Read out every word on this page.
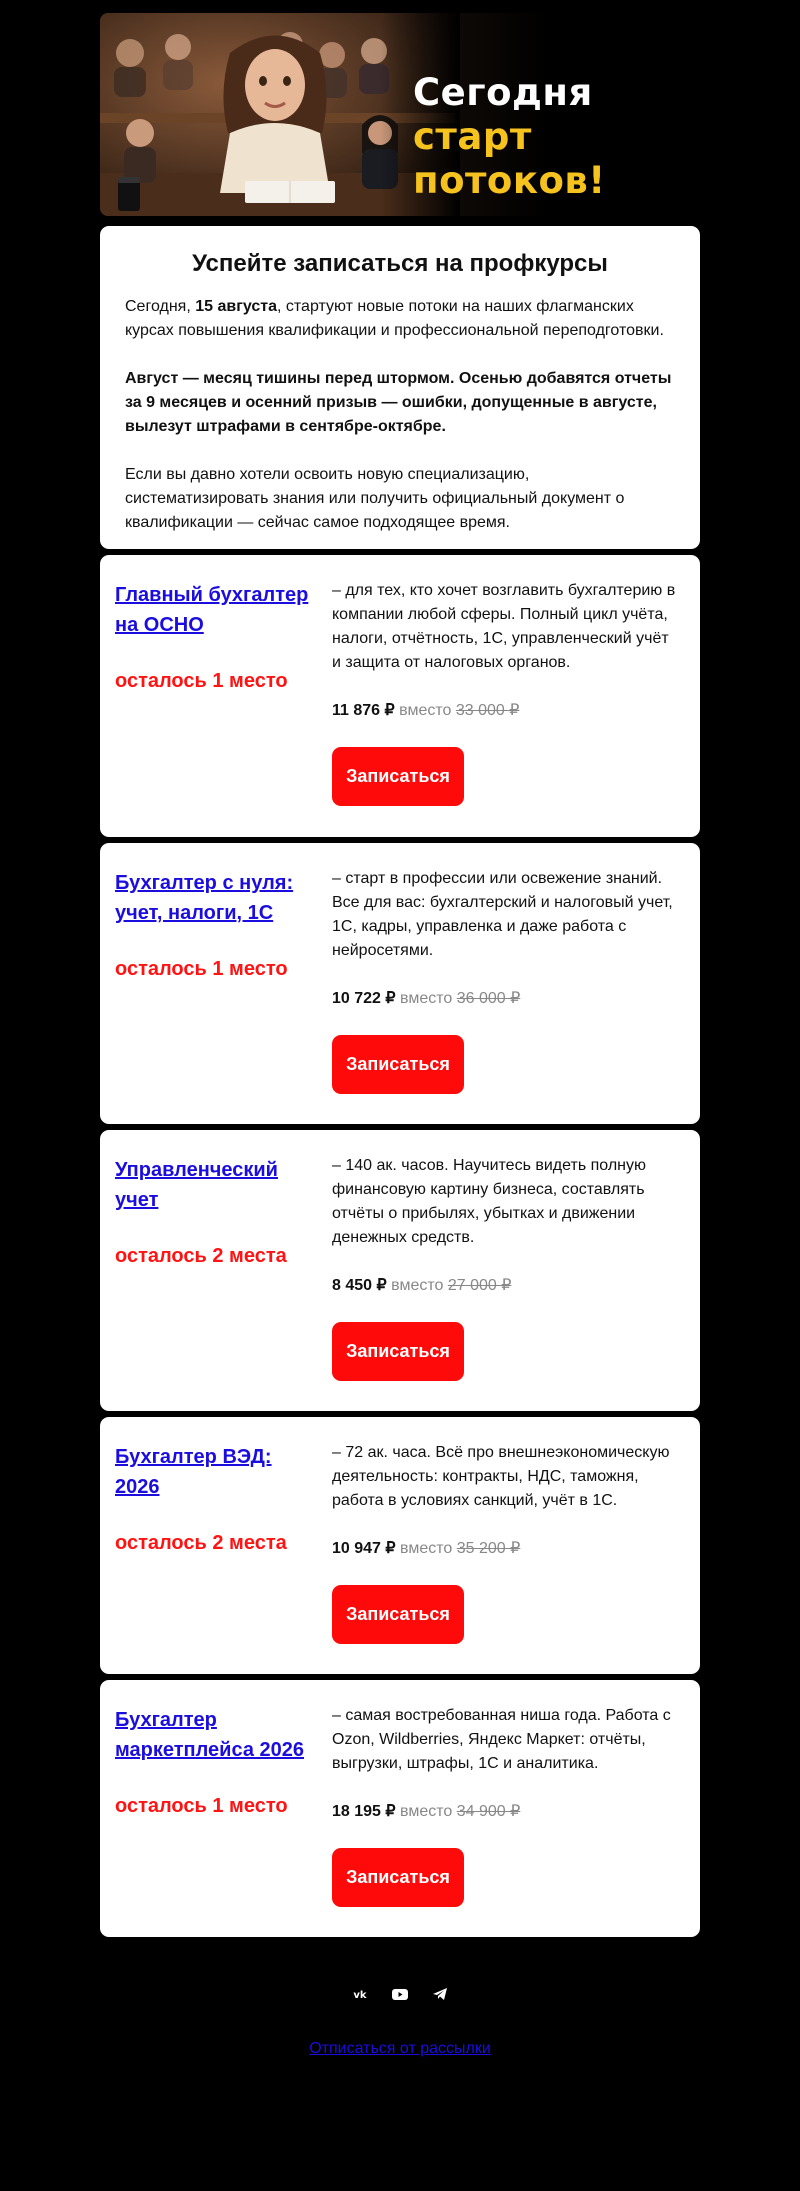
Сегодня
старт потоков!
Успейте записаться на профкурсы

Сегодня, 15 августа, стартуют новые потоки на наших флагманских курсах повышения квалификации и профессиональной переподготовки.

Август — месяц тишины перед штормом. Осенью добавятся отчеты за 9 месяцев и осенний призыв — ошибки, допущенные в августе, вылезут штрафами в сентябре-октябре.

Если вы давно хотели освоить новую специализацию, систематизировать знания или получить официальный документ о квалификации — сейчас самое подходящее время.

Главный бухгалтер на ОСНО
осталось 1 место
– для тех, кто хочет возглавить бухгалтерию в компании любой сферы. Полный цикл учёта, налоги, отчётность, 1С, управленческий учёт и защита от налоговых органов.
11 876 ₽ вместо 33 000 ₽
Записаться
Бухгалтер с нуля: учет, налоги, 1С
осталось 1 место
– старт в профессии или освежение знаний. Все для вас: бухгалтерский и налоговый учет, 1С, кадры, управленка и даже работа с нейросетями.
10 722 ₽ вместо 36 000 ₽
Записаться
Управленческий учет
осталось 2 места
– 140 ак. часов. Научитесь видеть полную финансовую картину бизнеса, составлять отчёты о прибылях, убытках и движении денежных средств.
8 450 ₽ вместо 27 000 ₽
Записаться
Бухгалтер ВЭД: 2026
осталось 2 места
– 72 ак. часа. Всё про внешнеэкономическую деятельность: контракты, НДС, таможня, работа в условиях санкций, учёт в 1С.
10 947 ₽ вместо 35 200 ₽
Записаться
Бухгалтер маркетплейса 2026
осталось 1 место
– самая востребованная ниша года. Работа с Ozon, Wildberries, Яндекс Маркет: отчёты, выгрузки, штрафы, 1С и аналитика.
18 195 ₽ вместо 34 900 ₽
Записаться
vk

Отписаться от рассылки
